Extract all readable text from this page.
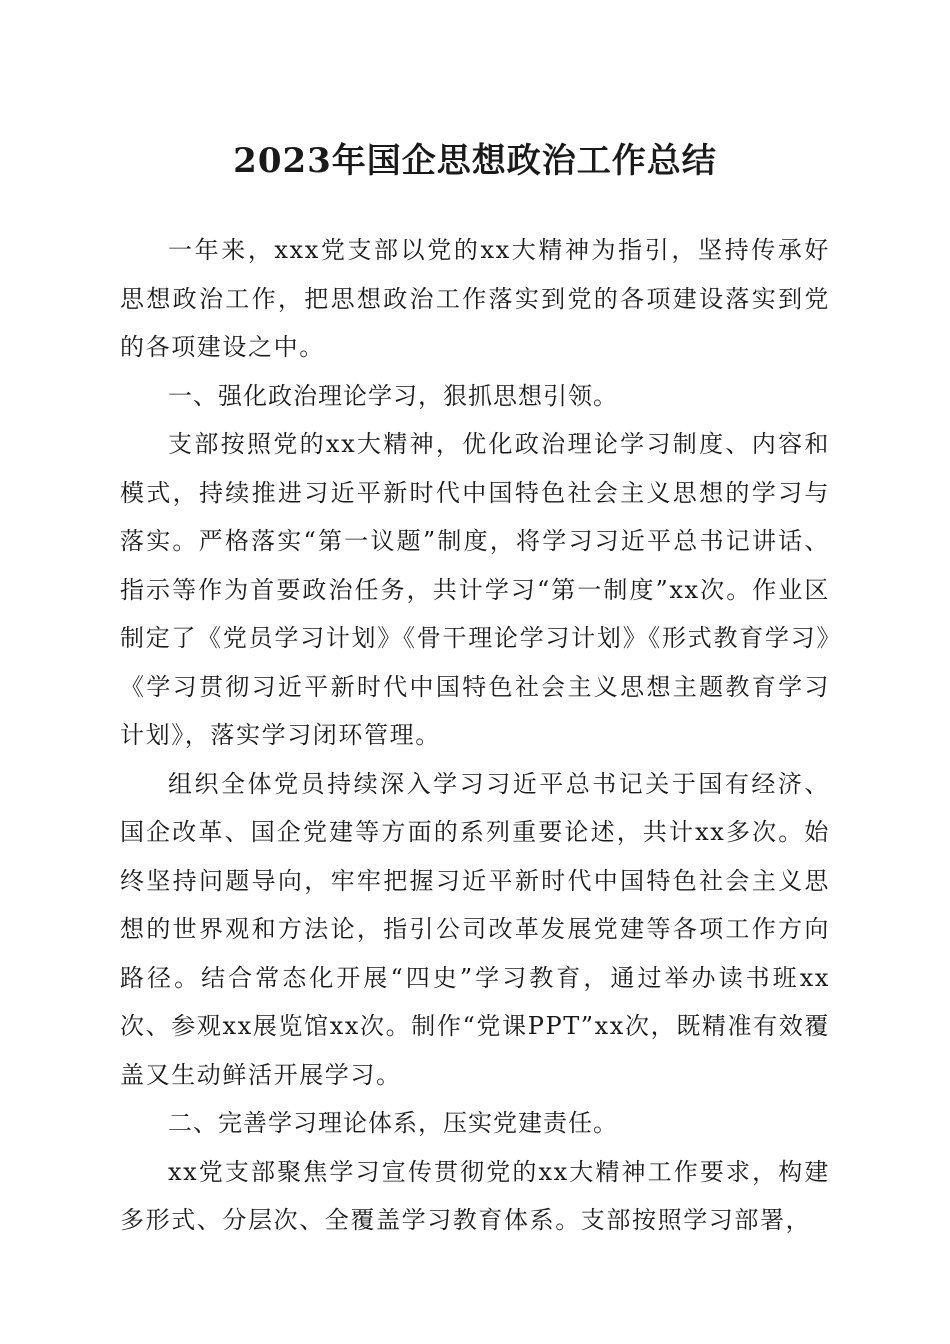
2023年国企思想政治工作总结

一年来，xxx党支部以党的xx大精神为指引，坚持传承好思想政治工作，把思想政治工作落实到党的各项建设落实到党的各项建设之中。

一、强化政治理论学习，狠抓思想引领。

支部按照党的xx大精神，优化政治理论学习制度、内容和模式，持续推进习近平新时代中国特色社会主义思想的学习与落实。严格落实“第一议题”制度，将学习习近平总书记讲话、指示等作为首要政治任务，共计学习“第一制度”xx次。作业区制定了《党员学习计划》《骨干理论学习计划》《形式教育学习》《学习贯彻习近平新时代中国特色社会主义思想主题教育学习计划》，落实学习闭环管理。

组织全体党员持续深入学习习近平总书记关于国有经济、国企改革、国企党建等方面的系列重要论述，共计xx多次。始终坚持问题导向，牢牢把握习近平新时代中国特色社会主义思想的世界观和方法论，指引公司改革发展党建等各项工作方向路径。结合常态化开展“四史”学习教育，通过举办读书班xx次、参观xx展览馆xx次。制作“党课PPT”xx次，既精准有效覆盖又生动鲜活开展学习。

二、完善学习理论体系，压实党建责任。

xx党支部聚焦学习宣传贯彻党的xx大精神工作要求，构建多形式、分层次、全覆盖学习教育体系。支部按照学习部署，
